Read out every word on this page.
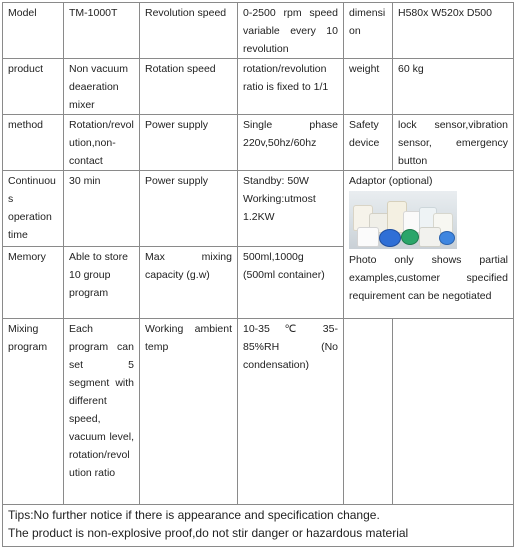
Model	TM-1000T	Revolution speed	0-2500 rpm speed variable every 10 revolution	dimension	H580x W520x D500
product	Non vacuum deaeration mixer	Rotation speed	rotation/revolution ratio is fixed to 1/1	weight	60 kg
method	Rotation/revolution,non-contact	Power supply	Single phase 220v,50hz/60hz	Safety device	lock sensor,vibration sensor, emergency button
Continuous operation time	30 min	Power supply	Standby: 50W Working:utmost 1.2KW	Adaptor (optional)
Photo only shows partial examples,customer specified requirement can be negotiated	

Memory	Able to store 10 group program	Max mixing capacity (g.w)	500ml,1000g (500ml container)		
Mixing program	Each program can set 5 segment with different speed, vacuum level, rotation/revolution ratio	Working ambient temp	10-35 ℃ 35-85%RH (No condensation)		

Tips:No further notice if there is appearance and specification change.
The product is non-explosive proof,do not stir danger or hazardous material					
